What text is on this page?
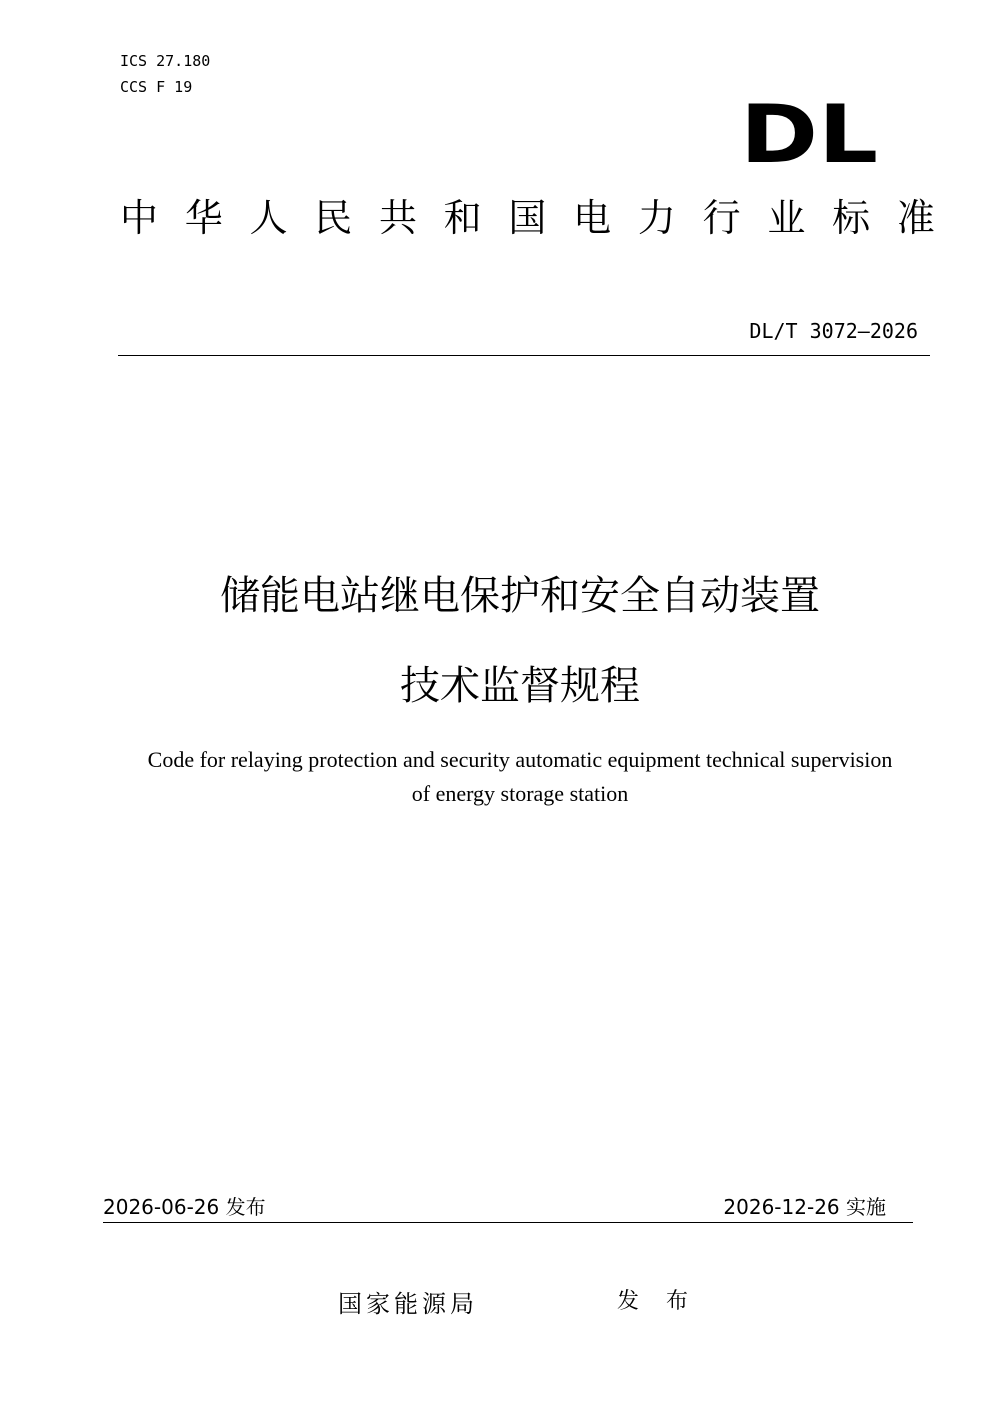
ICS 27.180
CCS F 19
DL
中 华 人 民 共 和 国 电 力 行 业 标 准
DL/T 3072—2026
储能电站继电保护和安全自动装置
技术监督规程
Code for relaying protection and security automatic equipment technical supervision
of energy storage station
2026-06-26 发布	2026-12-26 实施
国家能源局	发 布
